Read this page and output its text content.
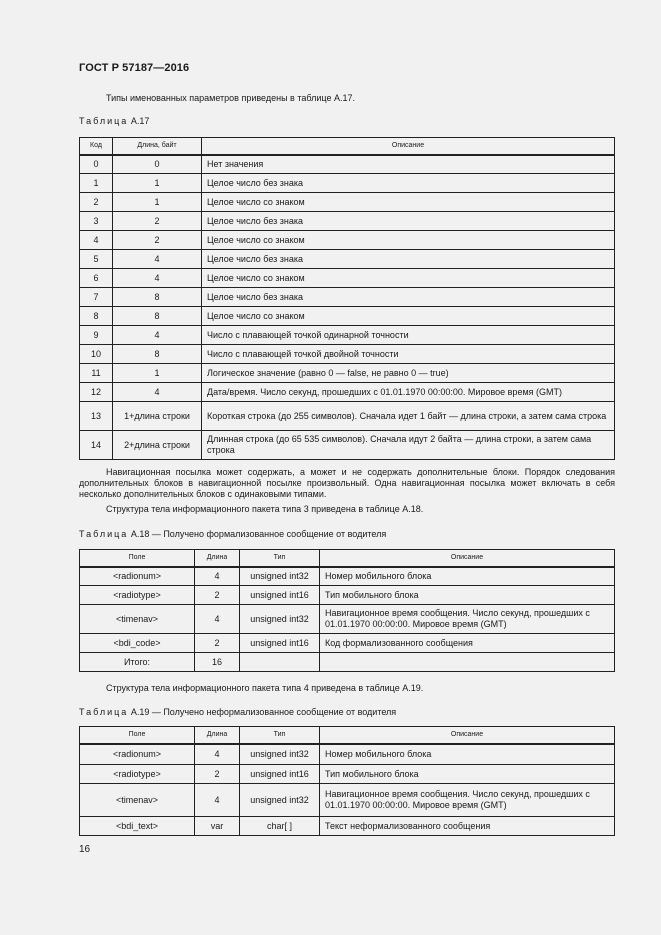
ГОСТ Р 57187—2016
Типы именованных параметров приведены в таблице А.17.
Таблица А.17
Код	Длина, байт	Описание
0	0	Нет значения
1	1	Целое число без знака
2	1	Целое число со знаком
3	2	Целое число без знака
4	2	Целое число со знаком
5	4	Целое число без знака
6	4	Целое число со знаком
7	8	Целое число без знака
8	8	Целое число со знаком
9	4	Число с плавающей точкой одинарной точности
10	8	Число с плавающей точкой двойной точности
11	1	Логическое значение (равно 0 — false, не равно 0 — true)
12	4	Дата/время. Число секунд, прошедших с 01.01.1970 00:00:00. Мировое время (GMT)
13	1+длина строки	Короткая строка (до 255 символов). Сначала идет 1 байт — длина строки, а затем сама строка
14	2+длина строки	Длинная строка (до 65 535 символов). Сначала идут 2 байта — длина строки, а затем сама строка
Навигационная посылка может содержать, а может и не содержать дополнительные блоки. Порядок следования дополнительных блоков в навигационной посылке произвольный. Одна навигационная посылка может включать в себя несколько дополнительных блоков с одинаковыми типами.
Структура тела информационного пакета типа 3 приведена в таблице А.18.
Таблица А.18 — Получено формализованное сообщение от водителя
Поле	Длина	Тип	Описание
<radionum>	4	unsigned int32	Номер мобильного блока
<radiotype>	2	unsigned int16	Тип мобильного блока
<timenav>	4	unsigned int32	Навигационное время сообщения. Число секунд, прошедших с 01.01.1970 00:00:00. Мировое время (GMT)
<bdi_code>	2	unsigned int16	Код формализованного сообщения
Итого:	16		
Структура тела информационного пакета типа 4 приведена в таблице А.19.
Таблица А.19 — Получено неформализованное сообщение от водителя
Поле	Длина	Тип	Описание
<radionum>	4	unsigned int32	Номер мобильного блока
<radiotype>	2	unsigned int16	Тип мобильного блока
<timenav>	4	unsigned int32	Навигационное время сообщения. Число секунд, прошедших с 01.01.1970 00:00:00. Мировое время (GMT)
<bdi_text>	var	char[ ]	Текст неформализованного сообщения
16
